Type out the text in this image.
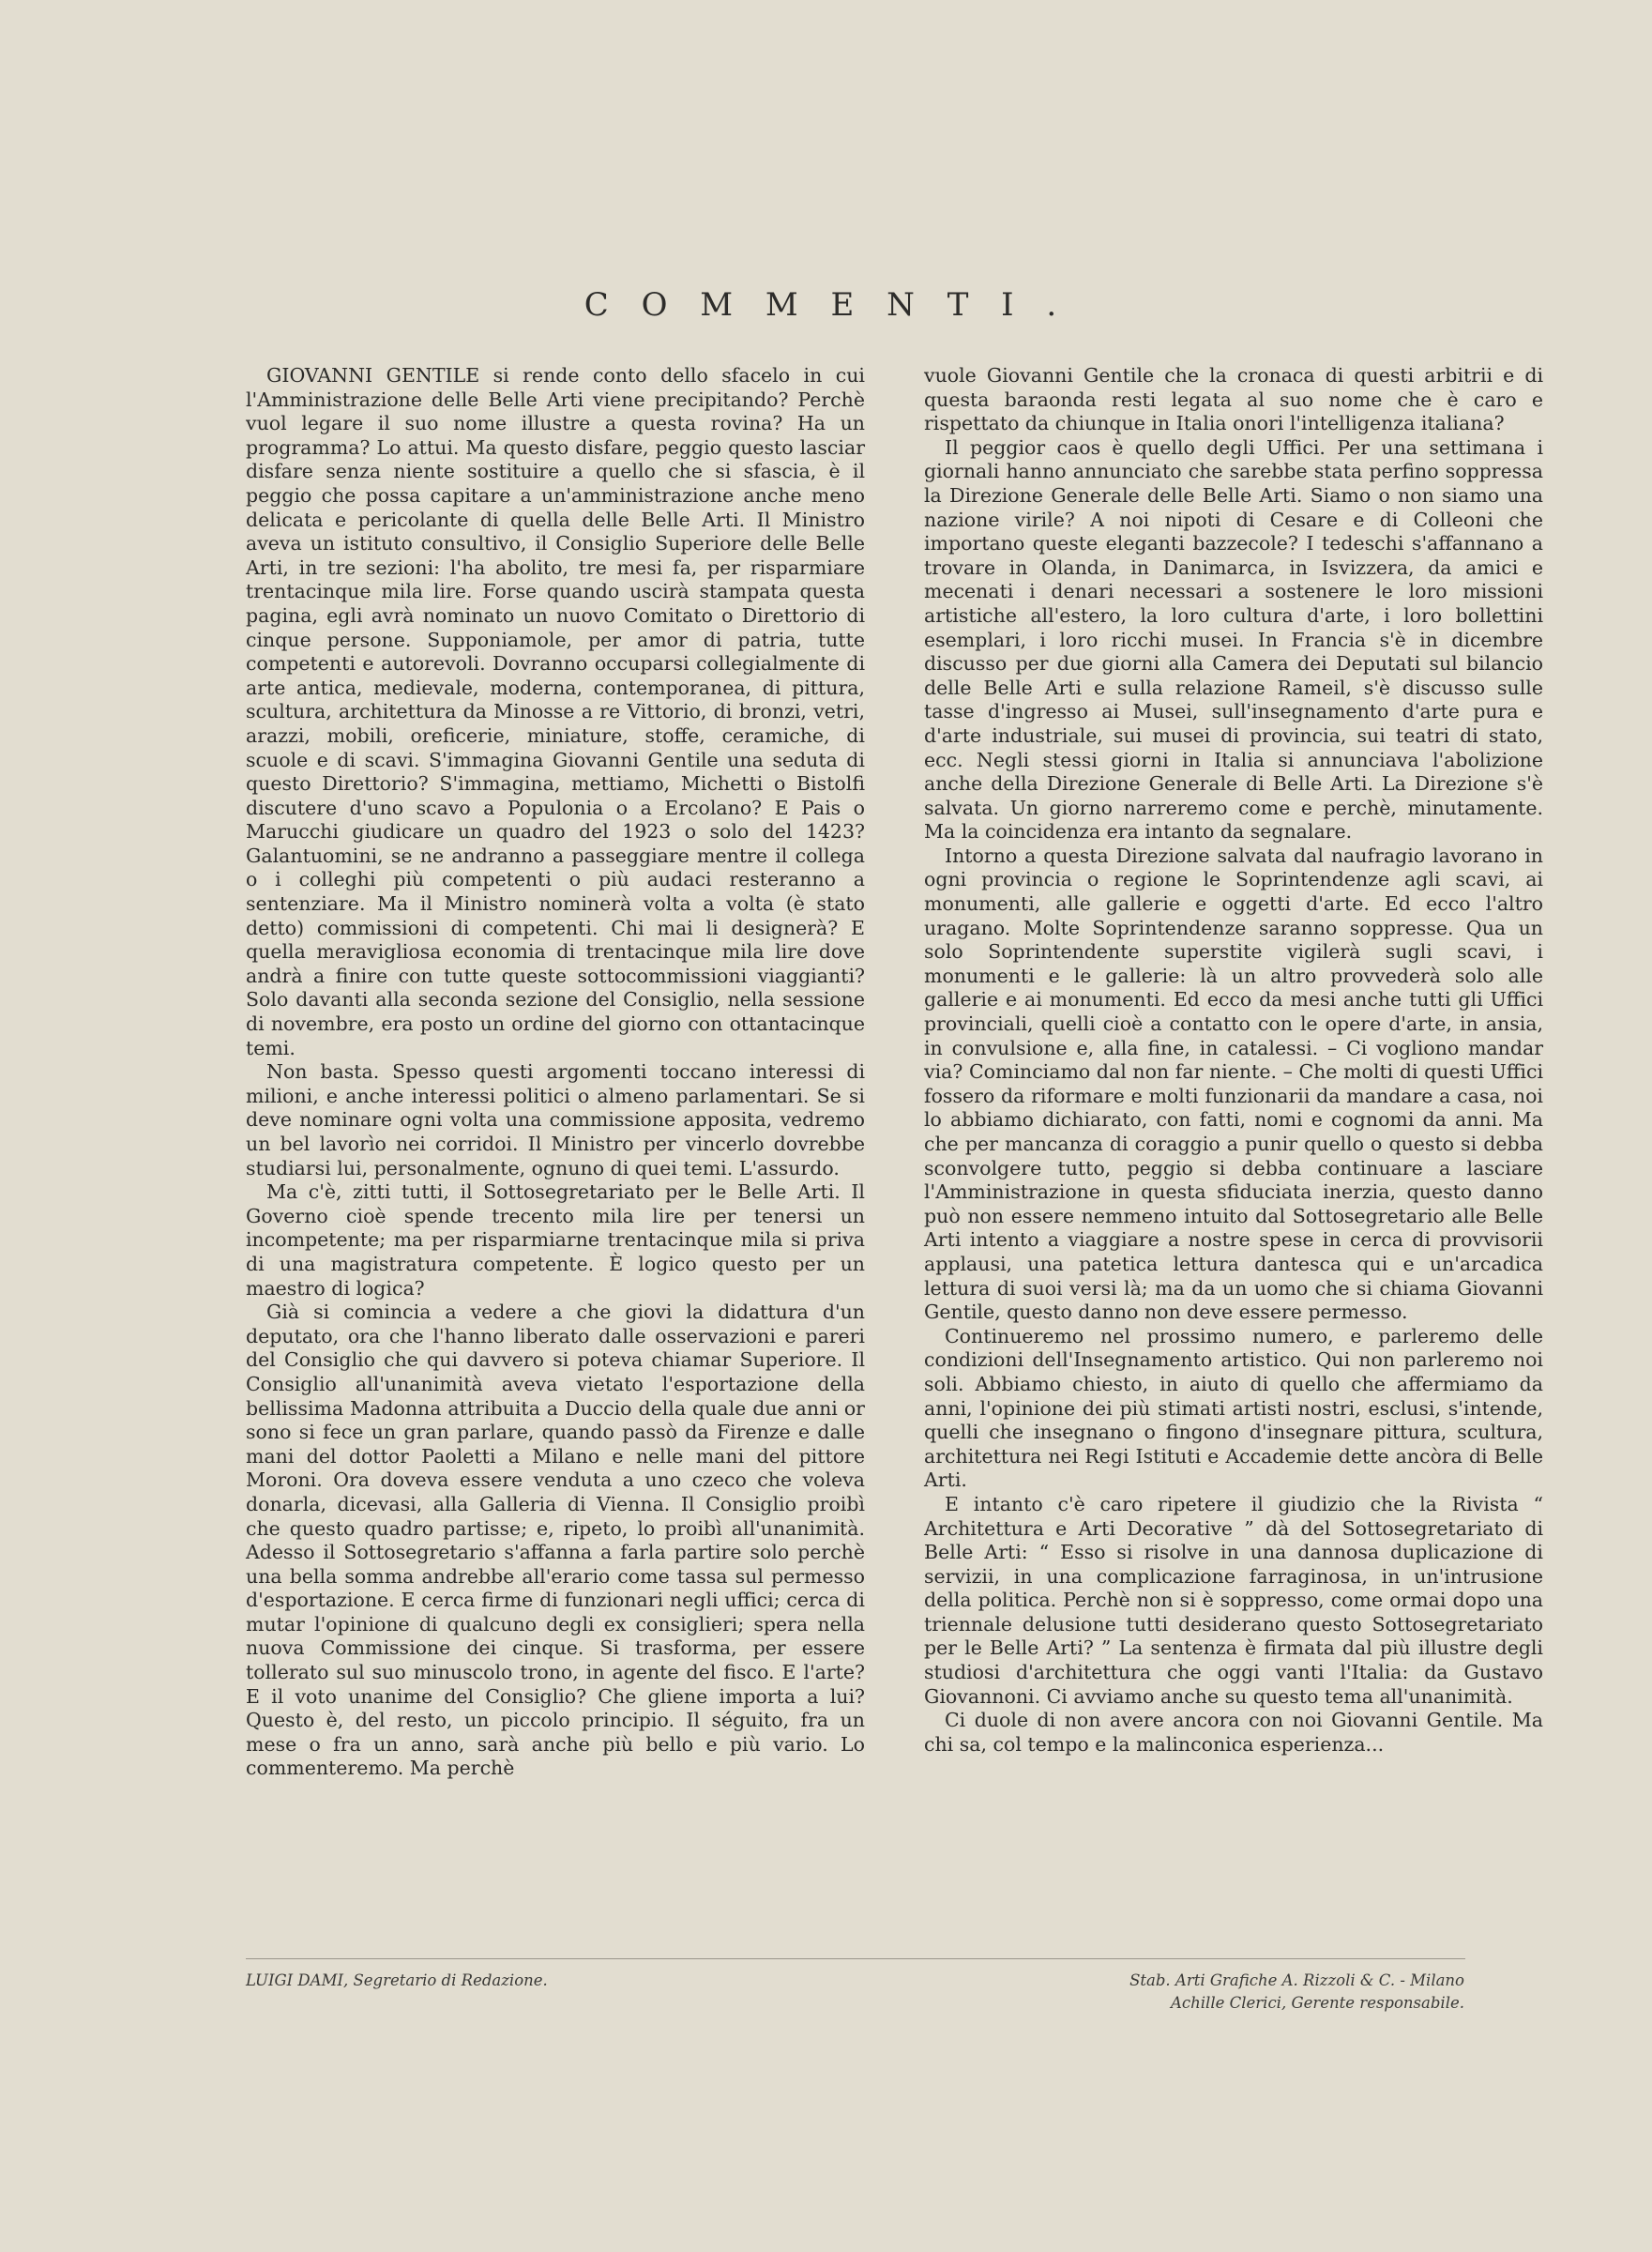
C O M M E N T I .

GIOVANNI GENTILE si rende conto dello sfacelo in cui l'Amministrazione delle Belle Arti viene precipitando? Perchè vuol legare il suo nome illustre a questa rovina? Ha un programma? Lo attui. Ma questo disfare, peggio questo lasciar disfare senza niente sostituire a quello che si sfascia, è il peggio che possa capitare a un'amministrazione anche meno delicata e pericolante di quella delle Belle Arti. Il Ministro aveva un istituto consultivo, il Consiglio Superiore delle Belle Arti, in tre sezioni: l'ha abolito, tre mesi fa, per risparmiare trentacinque mila lire. Forse quando uscirà stampata questa pagina, egli avrà nominato un nuovo Comitato o Direttorio di cinque persone. Supponiamole, per amor di patria, tutte competenti e autorevoli. Dovranno occuparsi collegialmente di arte antica, medievale, moderna, contemporanea, di pittura, scultura, architettura da Minosse a re Vittorio, di bronzi, vetri, arazzi, mobili, oreficerie, miniature, stoffe, ceramiche, di scuole e di scavi. S'immagina Giovanni Gentile una seduta di questo Direttorio? S'immagina, mettiamo, Michetti o Bistolfi discutere d'uno scavo a Populonia o a Ercolano? E Pais o Marucchi giudicare un quadro del 1923 o solo del 1423? Galantuomini, se ne andranno a passeggiare mentre il collega o i colleghi più competenti o più audaci resteranno a sentenziare. Ma il Ministro nominerà volta a volta (è stato detto) commissioni di competenti. Chi mai li designerà? E quella meravigliosa economia di trentacinque mila lire dove andrà a finire con tutte queste sottocommissioni viaggianti? Solo davanti alla seconda sezione del Consiglio, nella sessione di novembre, era posto un ordine del giorno con ottantacinque temi.

Non basta. Spesso questi argomenti toccano interessi di milioni, e anche interessi politici o almeno parlamentari. Se si deve nominare ogni volta una commissione apposita, vedremo un bel lavorìo nei corridoi. Il Ministro per vincerlo dovrebbe studiarsi lui, personalmente, ognuno di quei temi. L'assurdo.

Ma c'è, zitti tutti, il Sottosegretariato per le Belle Arti. Il Governo cioè spende trecento mila lire per tenersi un incompetente; ma per risparmiarne trentacinque mila si priva di una magistratura competente. È logico questo per un maestro di logica?

Già si comincia a vedere a che giovi la didattura d'un deputato, ora che l'hanno liberato dalle osservazioni e pareri del Consiglio che qui davvero si poteva chiamar Superiore. Il Consiglio all'unanimità aveva vietato l'esportazione della bellissima Madonna attribuita a Duccio della quale due anni or sono si fece un gran parlare, quando passò da Firenze e dalle mani del dottor Paoletti a Milano e nelle mani del pittore Moroni. Ora doveva essere venduta a uno czeco che voleva donarla, dicevasi, alla Galleria di Vienna. Il Consiglio proibì che questo quadro partisse; e, ripeto, lo proibì all'unanimità. Adesso il Sottosegretario s'affanna a farla partire solo perchè una bella somma andrebbe all'erario come tassa sul permesso d'esportazione. E cerca firme di funzionari negli uffici; cerca di mutar l'opinione di qualcuno degli ex consiglieri; spera nella nuova Commissione dei cinque. Si trasforma, per essere tollerato sul suo minuscolo trono, in agente del fisco. E l'arte? E il voto unanime del Consiglio? Che gliene importa a lui? Questo è, del resto, un piccolo principio. Il séguito, fra un mese o fra un anno, sarà anche più bello e più vario. Lo commenteremo. Ma perchè

vuole Giovanni Gentile che la cronaca di questi arbitrii e di questa baraonda resti legata al suo nome che è caro e rispettato da chiunque in Italia onori l'intelligenza italiana?

Il peggior caos è quello degli Uffici. Per una settimana i giornali hanno annunciato che sarebbe stata perfino soppressa la Direzione Generale delle Belle Arti. Siamo o non siamo una nazione virile? A noi nipoti di Cesare e di Colleoni che importano queste eleganti bazzecole? I tedeschi s'affannano a trovare in Olanda, in Danimarca, in Isvizzera, da amici e mecenati i denari necessari a sostenere le loro missioni artistiche all'estero, la loro cultura d'arte, i loro bollettini esemplari, i loro ricchi musei. In Francia s'è in dicembre discusso per due giorni alla Camera dei Deputati sul bilancio delle Belle Arti e sulla relazione Rameil, s'è discusso sulle tasse d'ingresso ai Musei, sull'insegnamento d'arte pura e d'arte industriale, sui musei di provincia, sui teatri di stato, ecc. Negli stessi giorni in Italia si annunciava l'abolizione anche della Direzione Generale di Belle Arti. La Direzione s'è salvata. Un giorno narreremo come e perchè, minutamente. Ma la coincidenza era intanto da segnalare.

Intorno a questa Direzione salvata dal naufragio lavorano in ogni provincia o regione le Soprintendenze agli scavi, ai monumenti, alle gallerie e oggetti d'arte. Ed ecco l'altro uragano. Molte Soprintendenze saranno soppresse. Qua un solo Soprintendente superstite vigilerà sugli scavi, i monumenti e le gallerie: là un altro provvederà solo alle gallerie e ai monumenti. Ed ecco da mesi anche tutti gli Uffici provinciali, quelli cioè a contatto con le opere d'arte, in ansia, in convulsione e, alla fine, in catalessi. – Ci vogliono mandar via? Cominciamo dal non far niente. – Che molti di questi Uffici fossero da riformare e molti funzionarii da mandare a casa, noi lo abbiamo dichiarato, con fatti, nomi e cognomi da anni. Ma che per mancanza di coraggio a punir quello o questo si debba sconvolgere tutto, peggio si debba continuare a lasciare l'Amministrazione in questa sfiduciata inerzia, questo danno può non essere nemmeno intuito dal Sottosegretario alle Belle Arti intento a viaggiare a nostre spese in cerca di provvisorii applausi, una patetica lettura dantesca qui e un'arcadica lettura di suoi versi là; ma da un uomo che si chiama Giovanni Gentile, questo danno non deve essere permesso.

Continueremo nel prossimo numero, e parleremo delle condizioni dell'Insegnamento artistico. Qui non parleremo noi soli. Abbiamo chiesto, in aiuto di quello che affermiamo da anni, l'opinione dei più stimati artisti nostri, esclusi, s'intende, quelli che insegnano o fingono d'insegnare pittura, scultura, architettura nei Regi Istituti e Accademie dette ancòra di Belle Arti.

E intanto c'è caro ripetere il giudizio che la Rivista “ Architettura e Arti Decorative ” dà del Sottosegretariato di Belle Arti: “ Esso si risolve in una dannosa duplicazione di servizii, in una complicazione farraginosa, in un'intrusione della politica. Perchè non si è soppresso, come ormai dopo una triennale delusione tutti desiderano questo Sottosegretariato per le Belle Arti? ” La sentenza è firmata dal più illustre degli studiosi d'architettura che oggi vanti l'Italia: da Gustavo Giovannoni. Ci avviamo anche su questo tema all'unanimità.

Ci duole di non avere ancora con noi Giovanni Gentile. Ma chi sa, col tempo e la malinconica esperienza...

LUIGI DAMI, Segretario di Redazione.	Stab. Arti Grafiche A. Rizzoli & C. - Milano
Achille Clerici, Gerente responsabile.
